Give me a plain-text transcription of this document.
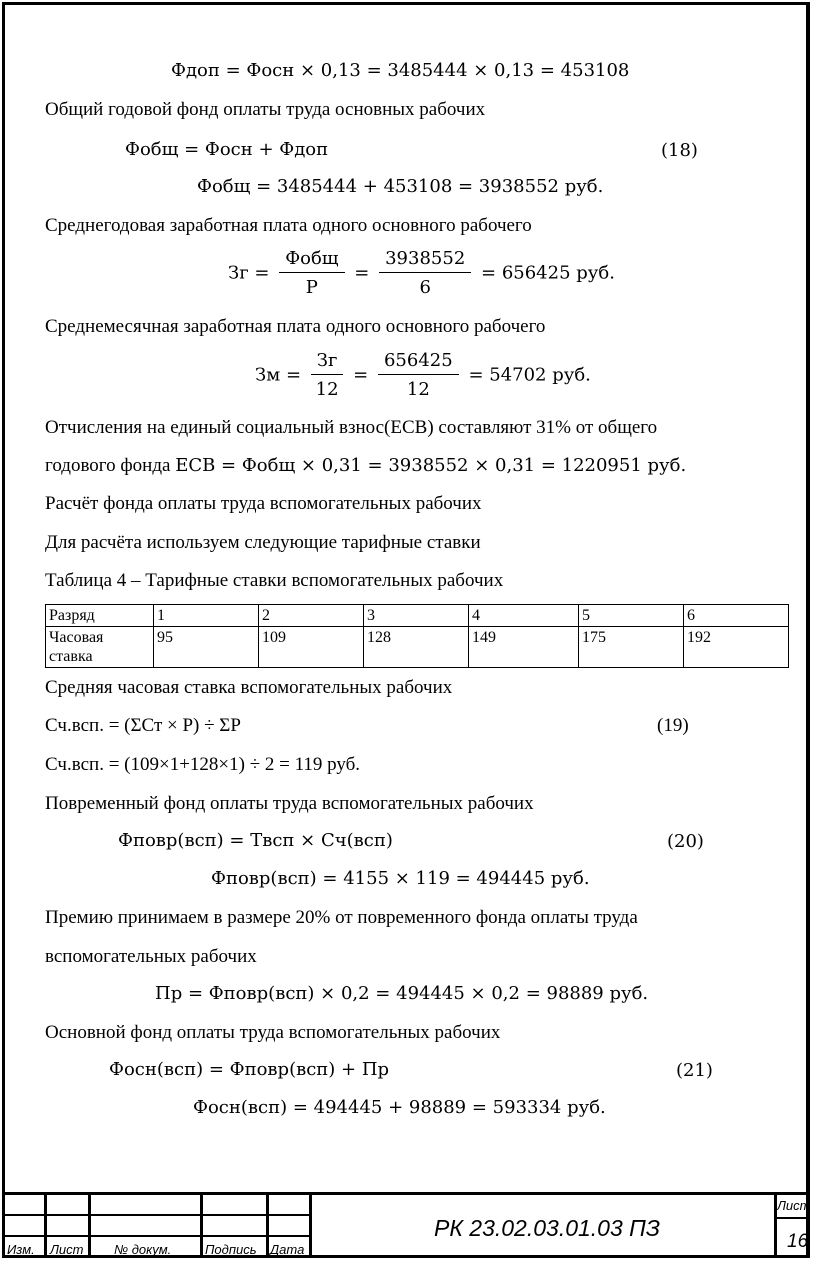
Фдоп = Фосн × 0,13 = 3485444 × 0,13 = 453108
Общий годовой фонд оплаты труда основных рабочих
Фобщ = Фосн + Фдоп	(18)
Фобщ = 3485444 + 453108 = 3938552 руб.
Среднегодовая заработная плата одного основного рабочего
Зг = $\frac{\text{Фобщ}}{Р} = \frac{3938552}{6} = 656425$ руб.
Среднемесячная заработная плата одного основного рабочего
Зм = $\frac{Зг}{12} = \frac{656425}{12} = 54702$ руб.
Отчисления на единый социальный взнос(ЕСВ) составляют 31% от общего
годового фонда ЕСВ = Фобщ × 0,31 = 3938552 × 0,31 = 1220951 руб.
Расчёт фонда оплаты труда вспомогательных рабочих
Для расчёта используем следующие тарифные ставки
Таблица 4 – Тарифные ставки вспомогательных рабочих
Разряд	1	2	3	4	5	6
Часовая ставка	95	109	128	149	175	192
Средняя часовая ставка вспомогательных рабочих
Сч.всп. = (ΣСт × Р) ÷ ΣР	(19)
Сч.всп. = (109×1+128×1) ÷ 2 = 119 руб.
Повременный фонд оплаты труда вспомогательных рабочих
Фповр(всп) = Твсп × Сч(всп)	(20)
Фповр(всп) = 4155 × 119 = 494445 руб.
Премию принимаем в размере 20% от повременного фонда оплаты труда
вспомогательных рабочих
Пр = Фповр(всп) × 0,2 = 494445 × 0,2 = 98889 руб.
Основной фонд оплаты труда вспомогательных рабочих
Фосн(всп) = Фповр(всп) + Пр	(21)
Фосн(всп) = 494445 + 98889 = 593334 руб.
Изм. Лист № докум.	Подпись Дата
Лист
РК 23.02.03.01.03 ПЗ
16
